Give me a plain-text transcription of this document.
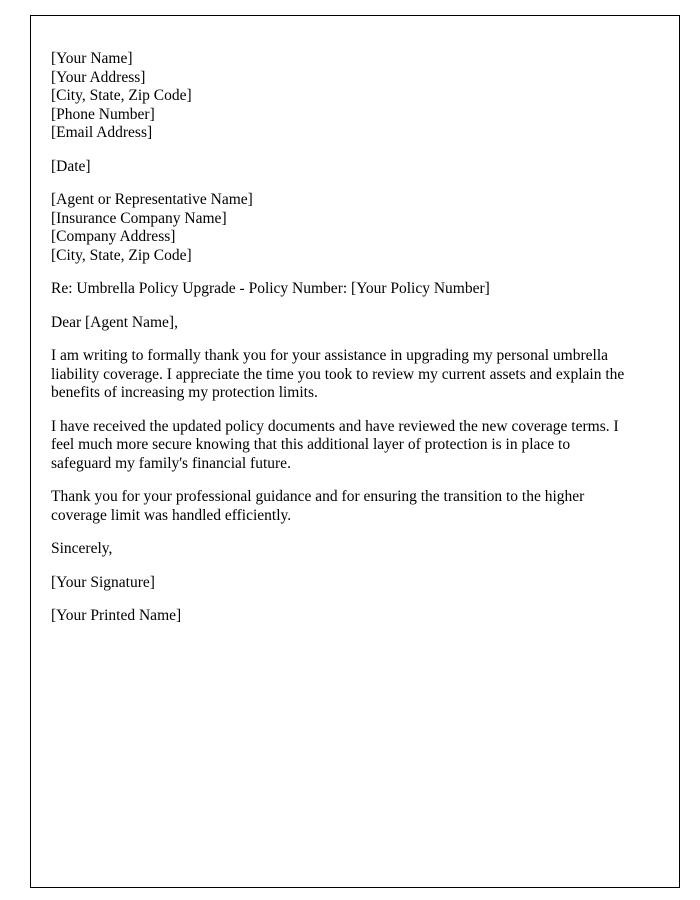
[Your Name]
[Your Address]
[City, State, Zip Code]
[Phone Number]
[Email Address]
[Date]
[Agent or Representative Name]
[Insurance Company Name]
[Company Address]
[City, State, Zip Code]
Re: Umbrella Policy Upgrade - Policy Number: [Your Policy Number]
Dear [Agent Name],

I am writing to formally thank you for your assistance in upgrading my personal umbrella liability coverage. I appreciate the time you took to review my current assets and explain the benefits of increasing my protection limits.

I have received the updated policy documents and have reviewed the new coverage terms. I feel much more secure knowing that this additional layer of protection is in place to safeguard my family's financial future.

Thank you for your professional guidance and for ensuring the transition to the higher coverage limit was handled efficiently.

Sincerely,
[Your Signature]
[Your Printed Name]
